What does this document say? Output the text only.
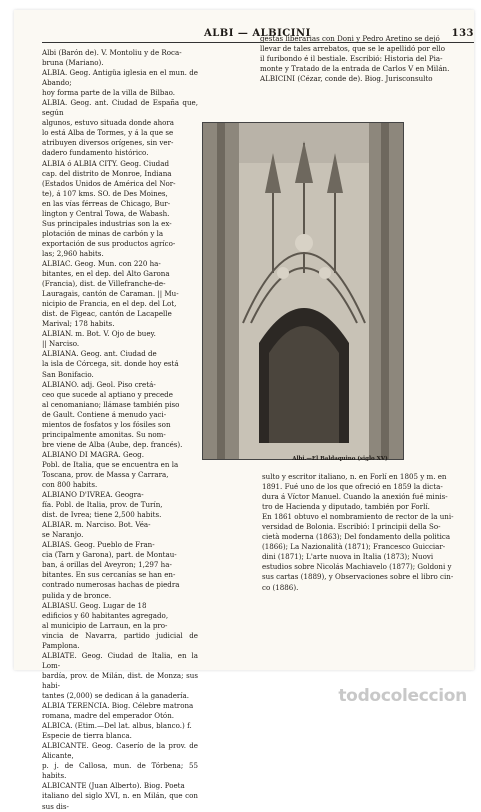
ALBI — ALBICINI	133

gestas liberarias con Doni y Pedro Aretino se dejó

llevar de tales arrebatos, que se le apellidó por ello

il furibondo é il bestiale. Escribió: Historia del Pia-

monte y Tratado de la entrada de Carlos V en Milán.

ALBICINI (Cézar, conde de). Biog. Jurisconsulto

Albi (Barón de). V. Montoliu y de Roca-

bruna (Mariano).

ALBIA. Geog. Antigüa iglesia en el mun. de Abando;

hoy forma parte de la villa de Bilbao.

ALBIA. Geog. ant. Ciudad de España que, según

algunos, estuvo situada donde ahora

lo está Alba de Tormes, y á la que se

atribuyen diversos orígenes, sin ver-

dadero fundamento histórico.

ALBIA ó ALBIA CITY. Geog. Ciudad

cap. del distrito de Monroe, Indiana

(Estados Unidos de América del Nor-

te), á 107 kms. SO. de Des Moines,

en las vías férreas de Chicago, Bur-

lington y Central Towa, de Wabash.

Sus principales industrias son la ex-

plotación de minas de carbón y la

exportación de sus productos agríco-

las; 2,960 habits.

ALBIAC. Geog. Mun. con 220 ha-

bitantes, en el dep. del Alto Garona

(Francia), dist. de Villefranche-de-

Lauragais, cantón de Caraman. || Mu-

nicipio de Francia, en el dep. del Lot,

dist. de Figeac, cantón de Lacapelle

Marival; 178 habits.

ALBIAN. m. Bot. V. Ojo de buey.

|| Narciso.

ALBIANA. Geog. ant. Ciudad de

la isla de Córcega, sit. donde hoy está

San Bonifacio.

ALBIANO. adj. Geol. Piso cretá-

ceo que sucede al aptiano y precede

al cenomaniano; llámase también piso

de Gault. Contiene á menudo yaci-

mientos de fosfatos y los fósiles son

principalmente amonitas. Su nom-

bre viene de Alba (Aube, dep. francés).

ALBIANO DI MAGRA. Geog.

Pobl. de Italia, que se encuentra en la

Toscana, prov. de Massa y Carrara,

con 800 habits.

ALBIANO D'IVREA. Geogra-

fía. Pobl. de Italia, prov. de Turín,

dist. de Ivrea; tiene 2,500 habits.

ALBIAR. m. Narciso. Bot. Véa-

se Naranjo.

ALBIAS. Geog. Pueblo de Fran-

cia (Tarn y Garona), part. de Montau-

ban, á orillas del Aveyron; 1,297 ha-

bitantes. En sus cercanías se han en-

contrado numerosas hachas de piedra

pulida y de bronce.

ALBIASU. Geog. Lugar de 18

edificios y 60 habitantes agregado,

al municipio de Larraun, en la pro-

vincia de Navarra, partido judicial de Pamplona.

ALBIATE. Geog. Ciudad de Italia, en la Lom-

bardía, prov. de Milán, dist. de Monza; sus habi-

tantes (2,000) se dedican á la ganadería.

ALBIA TERENCIA. Biog. Célebre matrona

romana, madre del emperador Otón.

ALBICA. (Etim.—Del lat. albus, blanco.) f.

Especie de tierra blanca.

ALBICANTE. Geog. Caserío de la prov. de Alicante,

p. j. de Callosa, mun. de Tórbena; 55 habits.

ALBICANTE (Juan Alberto). Biog. Poeta

italiano del siglo XVI, n. en Milán, que con sus dis-

Albi.—El Baldaquino (siglo XV)

sulto y escritor italiano, n. en Forlí en 1805 y m. en

1891. Fué uno de los que ofreció en 1859 la dicta-

dura á Víctor Manuel. Cuando la anexión fué minis-

tro de Hacienda y diputado, también por Forlí.

En 1861 obtuvo el nombramiento de rector de la uni-

versidad de Bolonia. Escribió: I principii della So-

cietà moderna (1863); Del fondamento della politica

(1866); La Nazionalità (1871); Francesco Guicciar-

dini (1871); L'arte nuova in Italia (1873); Nuovi

estudios sobre Nicolás Machiavelo (1877); Goldoni y

sus cartas (1889), y Observaciones sobre el libro cin-

co (1886).

todocoleccion
